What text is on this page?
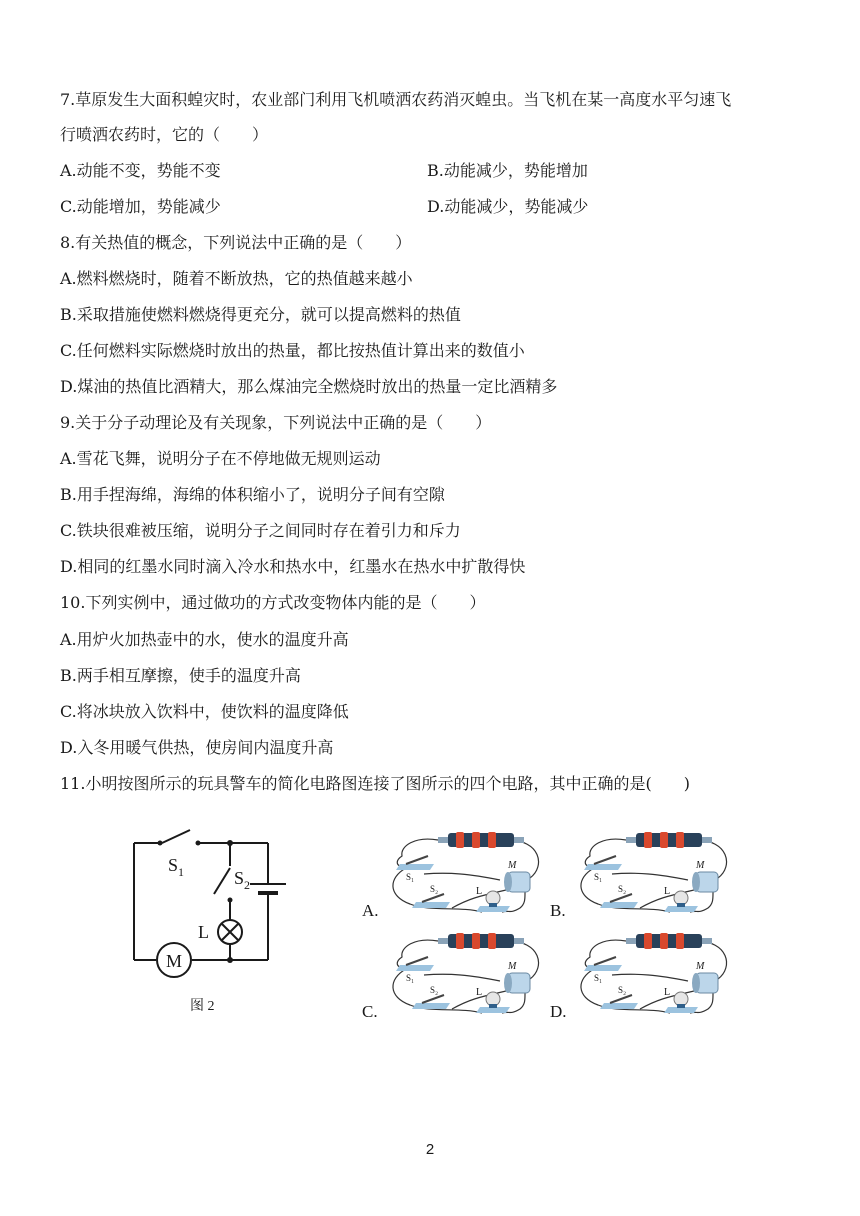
7.草原发生大面积蝗灾时，农业部门利用飞机喷洒农药消灭蝗虫。当飞机在某一高度水平匀速飞
行喷洒农药时，它的（　　）
A.动能不变，势能不变	B.动能减少，势能增加
C.动能增加，势能减少	D.动能减少，势能减少
8.有关热值的概念，下列说法中正确的是（　　）
A.燃料燃烧时，随着不断放热，它的热值越来越小
B.采取措施使燃料燃烧得更充分，就可以提高燃料的热值
C.任何燃料实际燃烧时放出的热量，都比按热值计算出来的数值小
D.煤油的热值比酒精大，那么煤油完全燃烧时放出的热量一定比酒精多
9.关于分子动理论及有关现象，下列说法中正确的是（　　）
A.雪花飞舞，说明分子在不停地做无规则运动
B.用手捏海绵，海绵的体积缩小了，说明分子间有空隙
C.铁块很难被压缩，说明分子之间同时存在着引力和斥力
D.相同的红墨水同时滴入冷水和热水中，红墨水在热水中扩散得快
10.下列实例中，通过做功的方式改变物体内能的是（　　）
A.用炉火加热壶中的水，使水的温度升高
B.两手相互摩擦，使手的温度升高
C.将冰块放入饮料中，使饮料的温度降低
D.入冬用暖气供热，使房间内温度升高
11.小明按图所示的玩具警车的简化电路图连接了图所示的四个电路，其中正确的是(　　)
$S_1$	$S_2$
L
M
图 2
A.
M
S₁
S₂	L
B.
M
S₁
S₂	L
C.
M
S₁
S₂	L
D.
M
S₁
S₂	L
2
